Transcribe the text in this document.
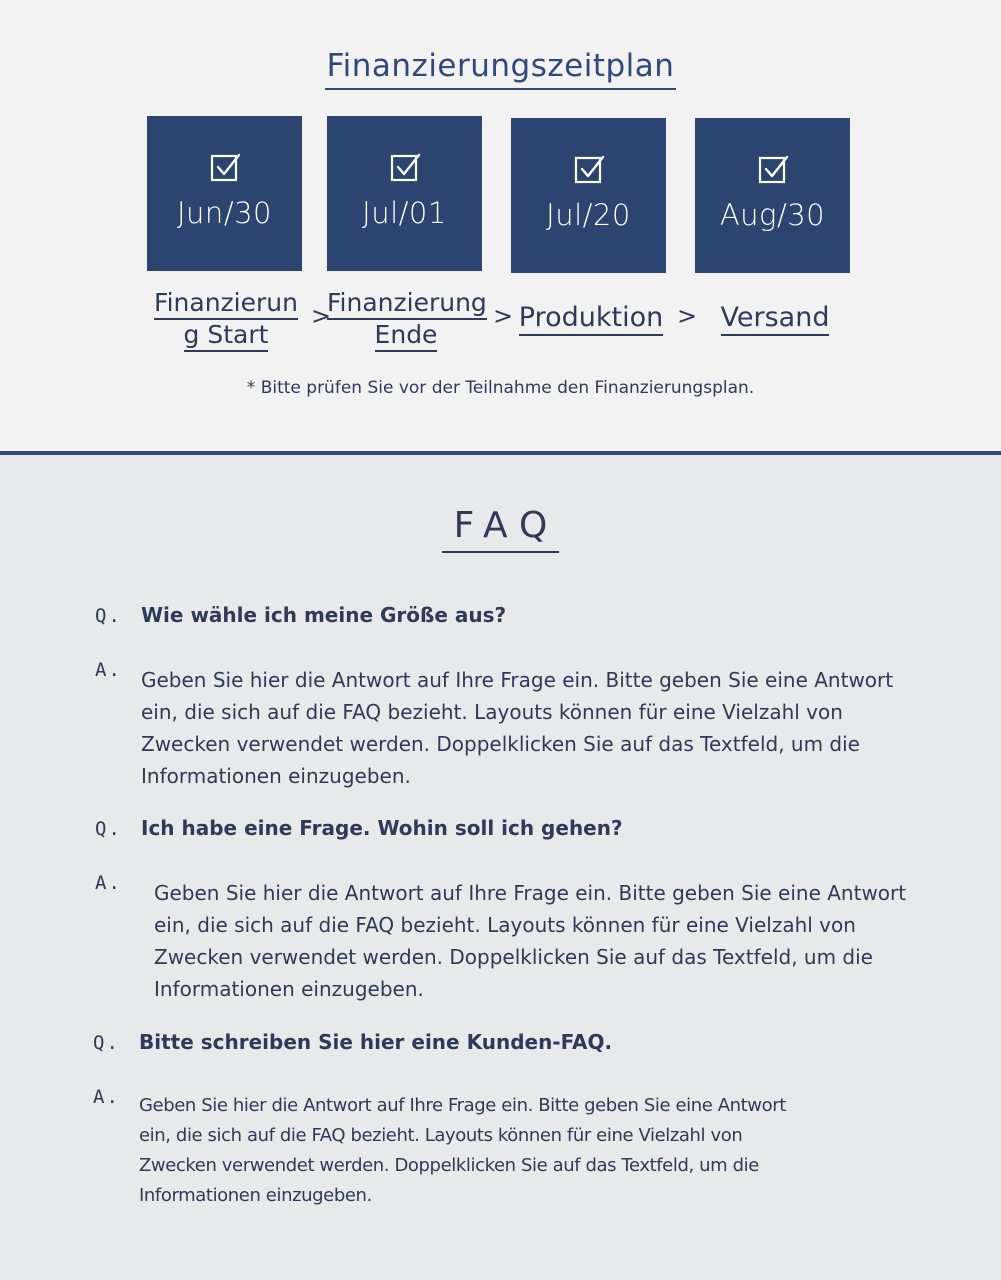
Finanzierungszeitplan
Jun/30	Jul/01	Jul/20	Aug/30
Finanzierun
g Start
>
Finanzierung
Ende
> Produktion > Versand
* Bitte prüfen Sie vor der Teilnahme den Finanzierungsplan.
FAQ
Q. Wie wähle ich meine Größe aus?
A. Geben Sie hier die Antwort auf Ihre Frage ein. Bitte geben Sie eine Antwort ein, die sich auf die FAQ bezieht. Layouts können für eine Vielzahl von Zwecken verwendet werden. Doppelklicken Sie auf das Textfeld, um die Informationen einzugeben.
Q. Ich habe eine Frage. Wohin soll ich gehen?
A. Geben Sie hier die Antwort auf Ihre Frage ein. Bitte geben Sie eine Antwort ein, die sich auf die FAQ bezieht. Layouts können für eine Vielzahl von Zwecken verwendet werden. Doppelklicken Sie auf das Textfeld, um die Informationen einzugeben.
Q. Bitte schreiben Sie hier eine Kunden-FAQ.
A. Geben Sie hier die Antwort auf Ihre Frage ein. Bitte geben Sie eine Antwort ein, die sich auf die FAQ bezieht. Layouts können für eine Vielzahl von Zwecken verwendet werden. Doppelklicken Sie auf das Textfeld, um die Informationen einzugeben.
